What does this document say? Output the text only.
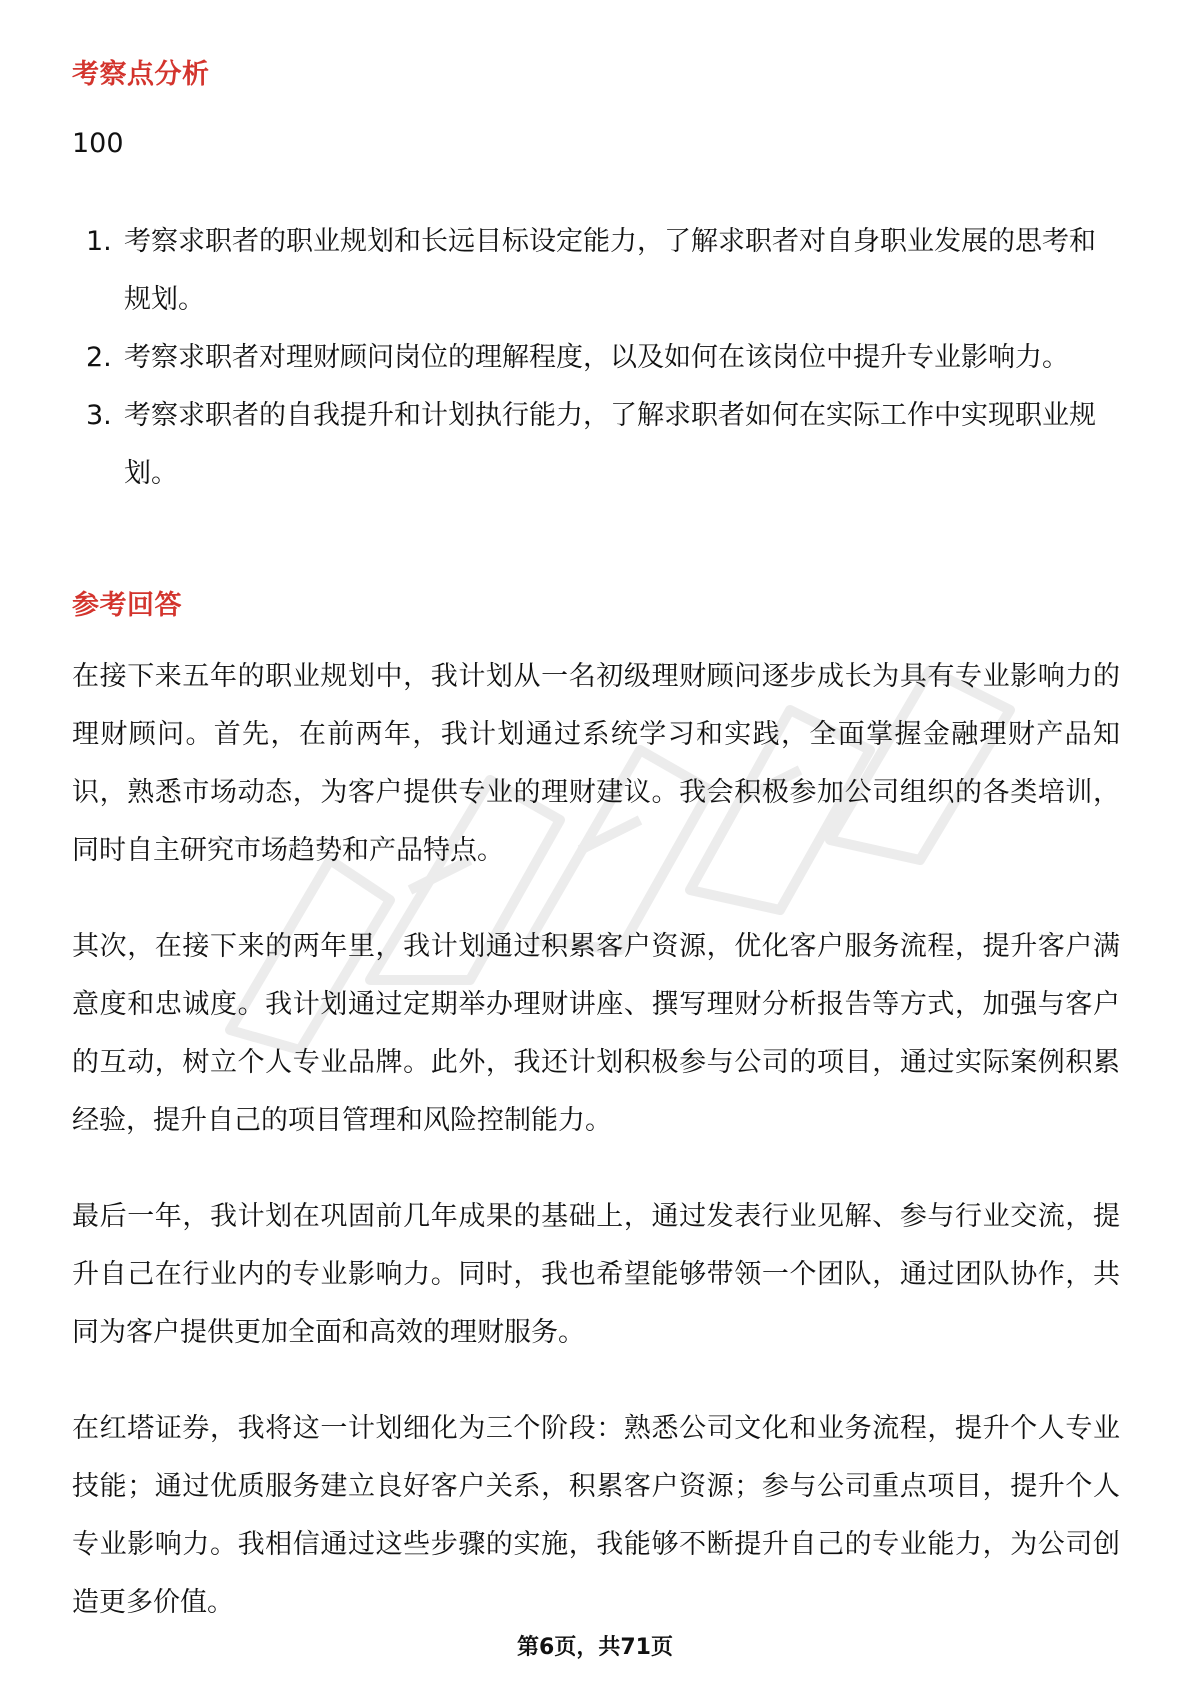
考察点分析
100
1. 考察求职者的职业规划和长远目标设定能力，了解求职者对自身职业发展的思考和规划。
2. 考察求职者对理财顾问岗位的理解程度，以及如何在该岗位中提升专业影响力。
3. 考察求职者的自我提升和计划执行能力，了解求职者如何在实际工作中实现职业规划。
参考回答

在接下来五年的职业规划中，我计划从一名初级理财顾问逐步成长为具有专业影响力的理财顾问。首先，在前两年，我计划通过系统学习和实践，全面掌握金融理财产品知识，熟悉市场动态，为客户提供专业的理财建议。我会积极参加公司组织的各类培训，同时自主研究市场趋势和产品特点。

其次，在接下来的两年里，我计划通过积累客户资源，优化客户服务流程，提升客户满意度和忠诚度。我计划通过定期举办理财讲座、撰写理财分析报告等方式，加强与客户的互动，树立个人专业品牌。此外，我还计划积极参与公司的项目，通过实际案例积累经验，提升自己的项目管理和风险控制能力。

最后一年，我计划在巩固前几年成果的基础上，通过发表行业见解、参与行业交流，提升自己在行业内的专业影响力。同时，我也希望能够带领一个团队，通过团队协作，共同为客户提供更加全面和高效的理财服务。

在红塔证券，我将这一计划细化为三个阶段：熟悉公司文化和业务流程，提升个人专业技能；通过优质服务建立良好客户关系，积累客户资源；参与公司重点项目，提升个人专业影响力。我相信通过这些步骤的实施，我能够不断提升自己的专业能力，为公司创造更多价值。

第6页，共71页
